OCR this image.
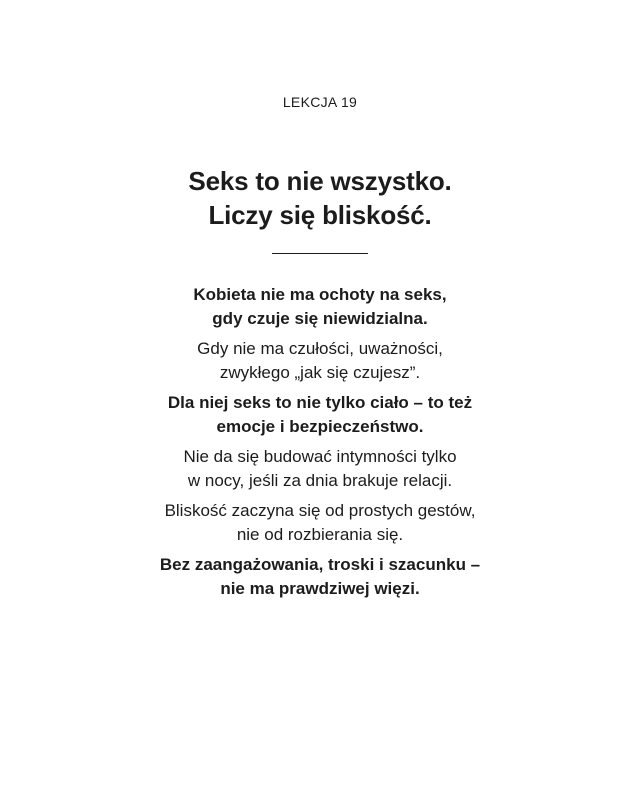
LEKCJA 19
Seks to nie wszystko.
Liczy się bliskość.
Kobieta nie ma ochoty na seks,
gdy czuje się niewidzialna.
Gdy nie ma czułości, uważności,
zwykłego „jak się czujesz”.
Dla niej seks to nie tylko ciało – to też
emocje i bezpieczeństwo.
Nie da się budować intymności tylko
w nocy, jeśli za dnia brakuje relacji.
Bliskość zaczyna się od prostych gestów,
nie od rozbierania się.
Bez zaangażowania, troski i szacunku –
nie ma prawdziwej więzi.
